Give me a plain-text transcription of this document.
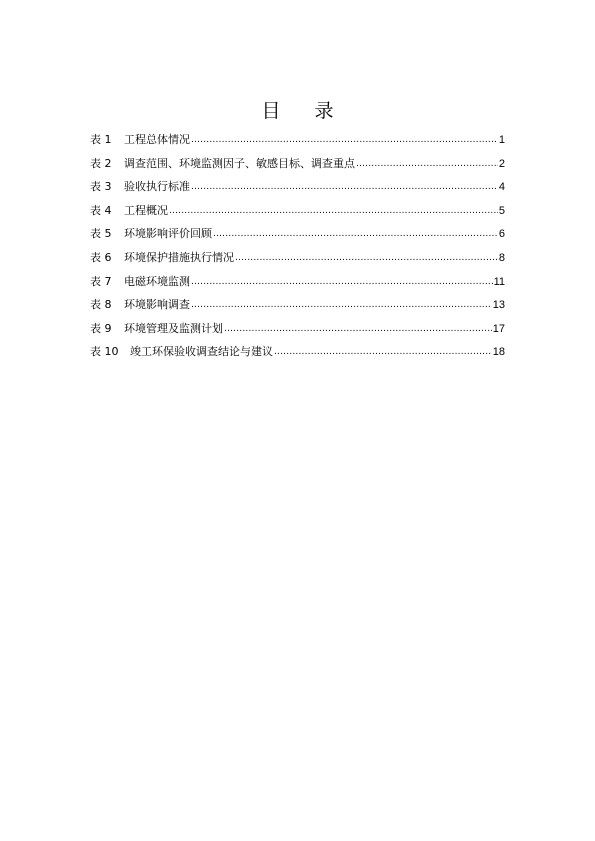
目 录
表 1	工程总体情况 .....	1
表 2	调查范围、环境监测因子、敏感目标、调查重点 .....	2
表 3	验收执行标准 .....	4
表 4	工程概况 .....	5
表 5	环境影响评价回顾 .....	6
表 6	环境保护措施执行情况 .....	8
表 7	电磁环境监测 .....	11
表 8	环境影响调查 .....	13
表 9	环境管理及监测计划 .....	17
表 10	竣工环保验收调查结论与建议 .....	18
